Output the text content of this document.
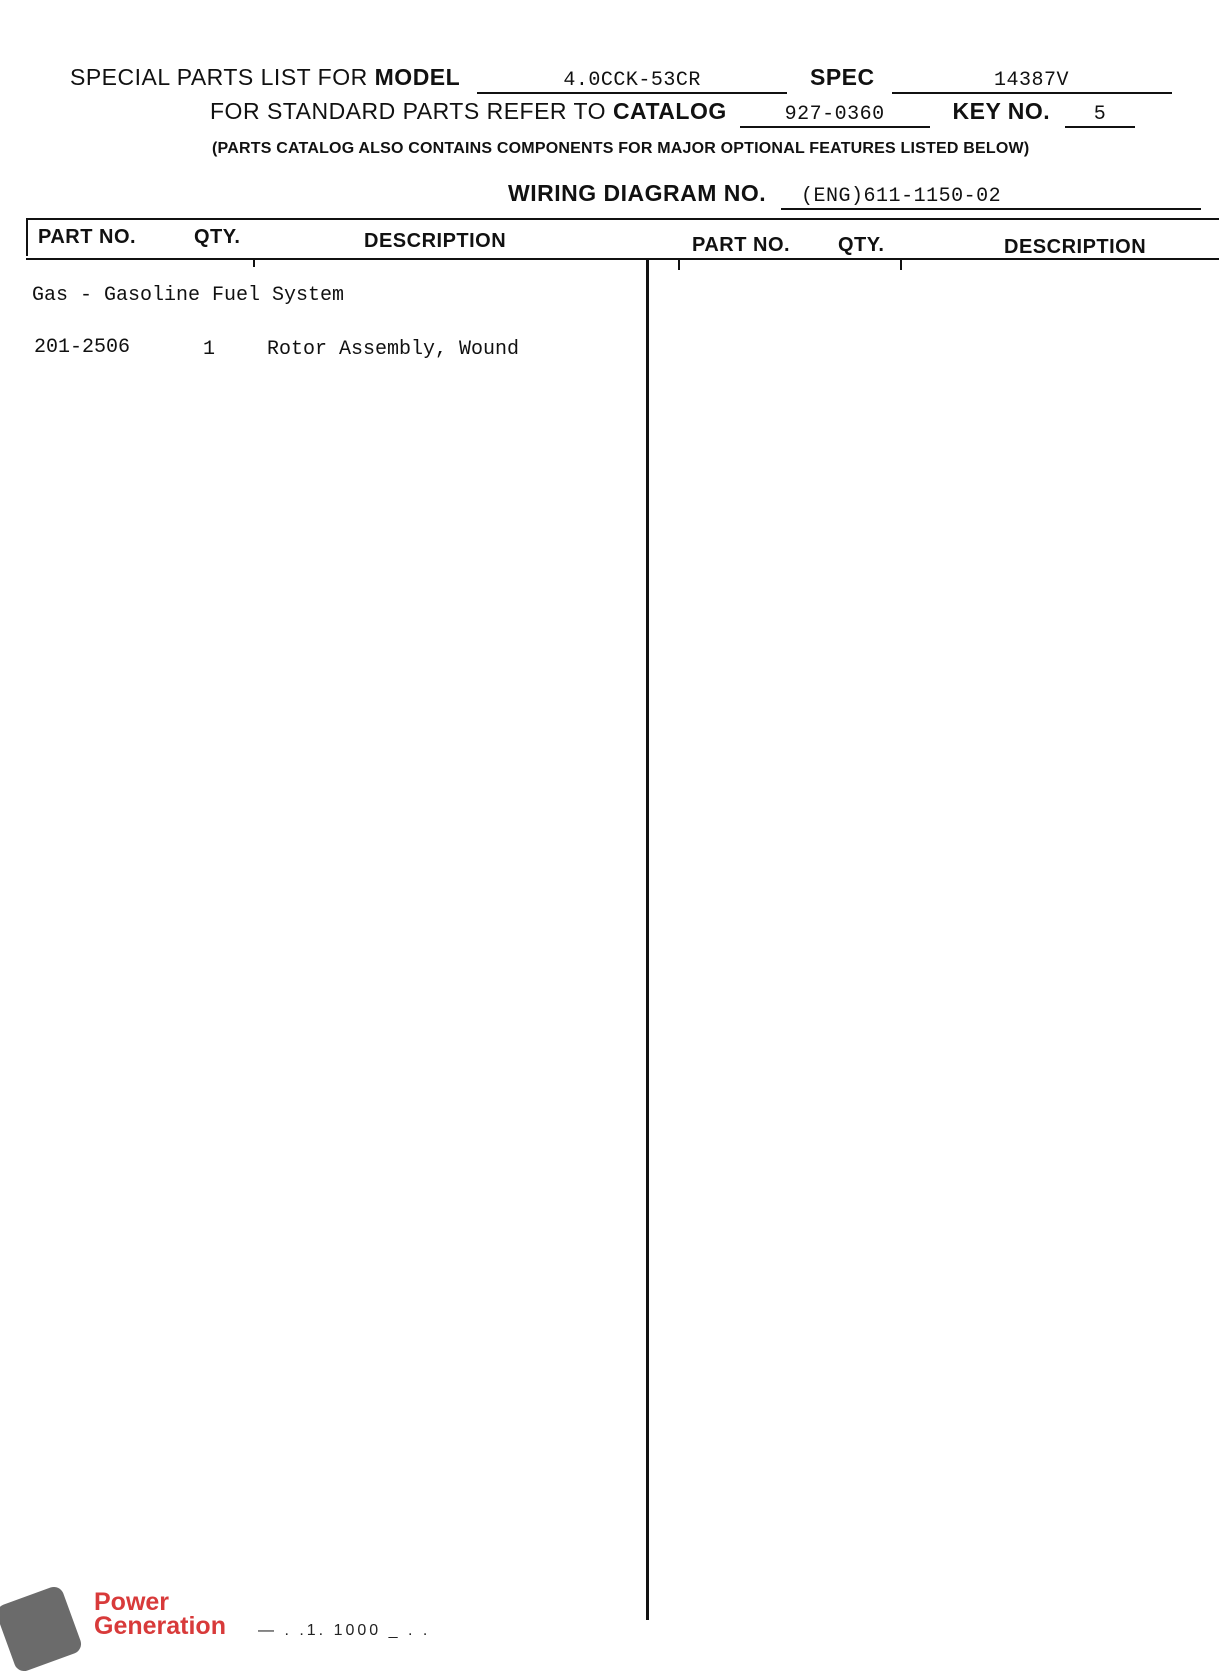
SPECIAL PARTS LIST FOR MODEL	4.0CCK-53CR	SPEC	14387V
FOR STANDARD PARTS REFER TO CATALOG	927-0360	KEY NO. 5
(PARTS CATALOG ALSO CONTAINS COMPONENTS FOR MAJOR OPTIONAL FEATURES LISTED BELOW)
WIRING DIAGRAM NO. (ENG)611-1150-02
PART NO.	QTY.	DESCRIPTION	PART NO. QTY.	DESCRIPTION
Gas - Gasoline Fuel System
201-2506	1	Rotor Assembly, Wound
Power
Generation — . .1. 1000 _ . .
